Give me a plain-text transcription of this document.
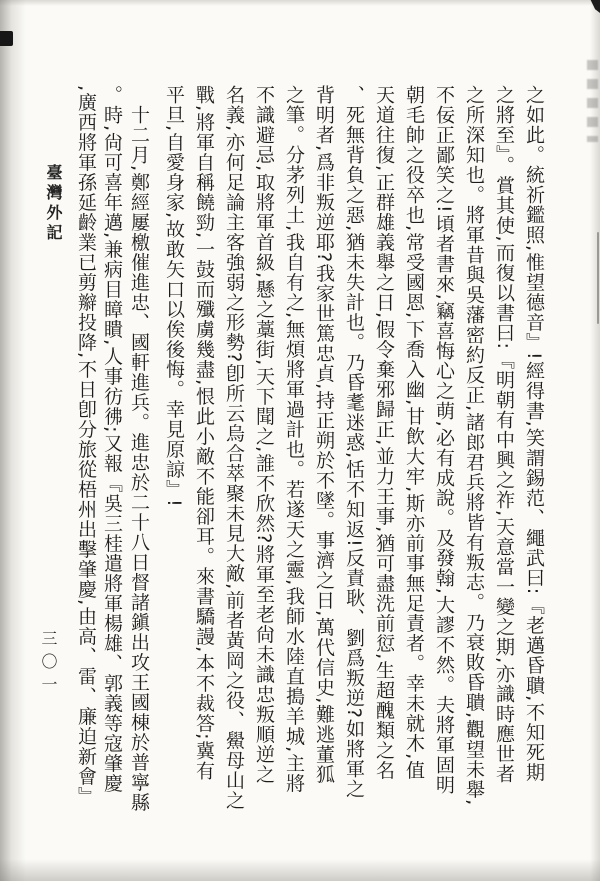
之如此。統祈鑑照,惟望德音』!經得書,笑謂錫范、繩武曰:『老邁昏聵,不知死期
之將至』。賞其使,而復以書曰:『明朝有中興之祚,天意當一變之期,亦識時應世者
之所深知也。將軍昔與吳藩密約反正,諸郎君兵將皆有叛志。乃衰敗昏聵,觀望未舉,
不佞正鄙笑之!頃者書來,竊喜悔心之萌,必有成說。及發翰,大謬不然。夫將軍固明
朝毛帥之役卒也,常受國恩,下喬入幽,甘飲大牢,斯亦前事無足責者。幸未就木,值
天道往復,正群雄義舉之日,假令棄邪歸正,並力王事,猶可盡洗前愆,生超醜類之名
、死無背負之惡,猶未失計也。乃昏耄迷惑,恬不知返!反責耿、劉爲叛逆?如將軍之
背明者,爲非叛逆耶?我家世篤忠貞,持正朔於不墜。事濟之日,萬代信史,難逃董狐
之筆。分茅列土,我自有之,無煩將軍過計也。若遂天之靈,我師水陸直搗羊城,主將
不識避忌,取將軍首級,懸之藁街,天下聞之,誰不欣然?將軍至老尙未識忠叛順逆之
名義,亦何足論主客強弱之形勢?卽所云烏合萃聚未見大敵,前者黃岡之役、鱟母山之
戰,將軍自稱饒勁,一鼓而殲虜幾盡,恨此小敵不能卻耳。來書驕謾,本不裁答;冀有
平旦,自愛身家,故敢矢口以俟後悔。幸見原諒』!
　十二月,鄭經屢檄催進忠、國軒進兵。進忠於二十八日督諸鎭出攻王國棟於普寧縣
。時,尙可喜年邁,兼病目瞕瞶,人事彷彿;又報『吳三桂遣將軍楊雄、郭義等寇肇慶
,廣西將軍孫延齡業已剪辮投降,不日卽分旅從梧州出擊肇慶,由高、雷、廉迫新會』
臺灣外記
三〇一
